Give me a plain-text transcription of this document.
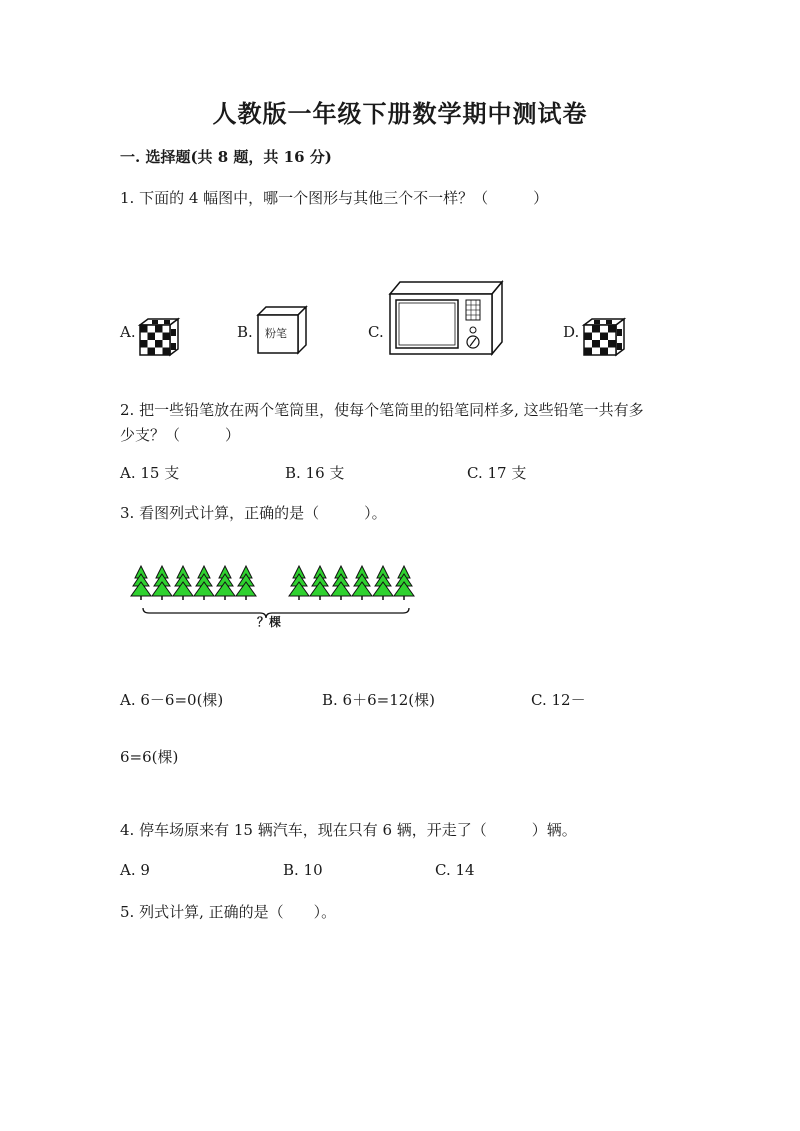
人教版一年级下册数学期中测试卷
一. 选择题(共 8 题，共 16 分)
1. 下面的 4 幅图中，哪一个图形与其他三个不一样？（　　　）
A.	B. 粉笔	C.	D.
2. 把一些铅笔放在两个笔筒里，使每个笔筒里的铅笔同样多, 这些铅笔一共有多
少支？（　　　）
A. 15 支	B. 16 支	C. 17 支
3. 看图列式计算，正确的是（　　　）。
？棵
A. 6－6=0(棵)	B. 6＋6=12(棵)	C. 12－
6=6(棵)
4. 停车场原来有 15 辆汽车，现在只有 6 辆，开走了（　　　）辆。
A. 9	B. 10	C. 14
5. 列式计算, 正确的是（　　）。
